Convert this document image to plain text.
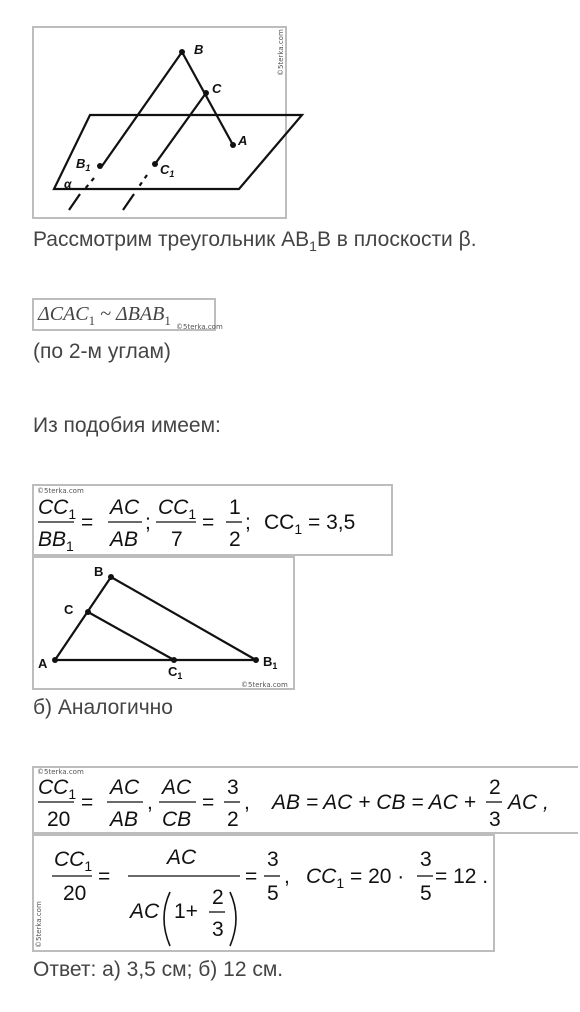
B
C
A
$B_1$	$C_1$
α
©5terka.com
Рассмотрим треугольник $АВ_1В$ в плоскости β.
$\Delta CAC_1$ ~ $\Delta BAB_1$ ©5terka.com
(по 2-м углам)
Из подобия имеем:
©5terka.com
$CC_1$
$BB_1$
=
AC
AB
;
$CC_1$
7
=
1
2
; $CC_1 = 3,5$
B
C
A
$C_1$
$B_1$
©5terka.com
б) Аналогично
©5terka.com
$CC_1$
20
=
AC
AB
,
AC
CB
=
3
2
, AB = AC + CB = AC +
2
3
AC ,
©5terka.com
$CC_1$
20
=
AC
AC 1+
2
3
=
3
5
, $CC_1 = 20$ ·
3
5
= 12 .
Ответ: а) 3,5 см; б) 12 см.
